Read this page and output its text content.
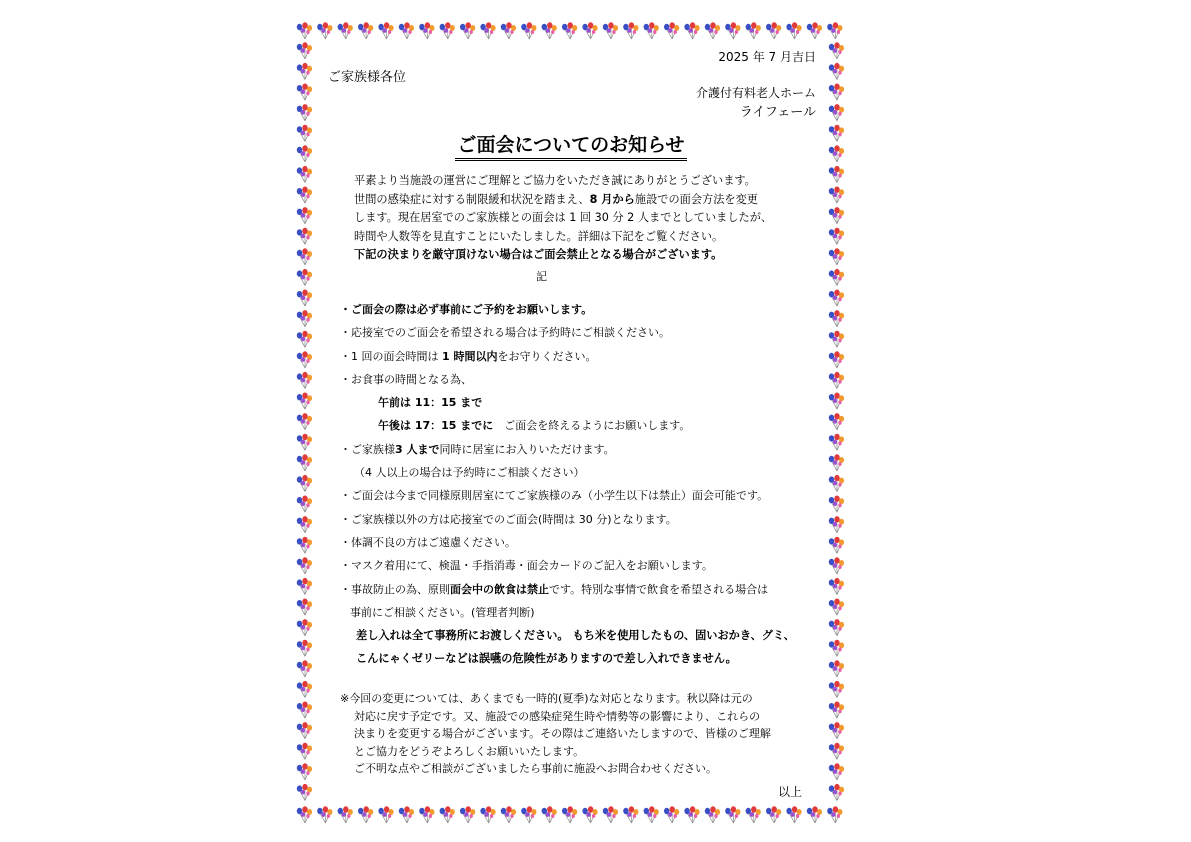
2025 年 7 月吉日
ご家族様各位
介護付有料老人ホーム
ライフェール
ご面会についてのお知らせ

平素より当施設の運営にご理解とご協力をいただき誠にありがとうございます。

世間の感染症に対する制限緩和状況を踏まえ、8 月から施設での面会方法を変更

します。現在居室でのご家族様との面会は 1 回 30 分 2 人までとしていましたが、

時間や人数等を見直すことにいたしました。詳細は下記をご覧ください。

下記の決まりを厳守頂けない場合はご面会禁止となる場合がございます。

記
・ご面会の際は必ず事前にご予約をお願いします。
・応接室でのご面会を希望される場合は予約時にご相談ください。
・1 回の面会時間は 1 時間以内をお守りください。
・お食事の時間となる為、
午前は 11：15 まで
午後は 17：15 までに　ご面会を終えるようにお願いします。
・ご家族様3 人まで同時に居室にお入りいただけます。
（4 人以上の場合は予約時にご相談ください）
・ご面会は今まで同様原則居室にてご家族様のみ（小学生以下は禁止）面会可能です。
・ご家族様以外の方は応接室でのご面会(時間は 30 分)となります。
・体調不良の方はご遠慮ください。
・マスク着用にて、検温・手指消毒・面会カードのご記入をお願いします。
・事故防止の為、原則面会中の飲食は禁止です。特別な事情で飲食を希望される場合は
事前にご相談ください。(管理者判断)
差し入れは全て事務所にお渡しください。 もち米を使用したもの、固いおかき、グミ、
こんにゃくゼリーなどは誤嚥の危険性がありますので差し入れできません。

※今回の変更については、あくまでも一時的(夏季)な対応となります。秋以降は元の

対応に戻す予定です。又、施設での感染症発生時や情勢等の影響により、これらの

決まりを変更する場合がございます。その際はご連絡いたしますので、皆様のご理解

とご協力をどうぞよろしくお願いいたします。

ご不明な点やご相談がございましたら事前に施設へお問合わせください。

以上
